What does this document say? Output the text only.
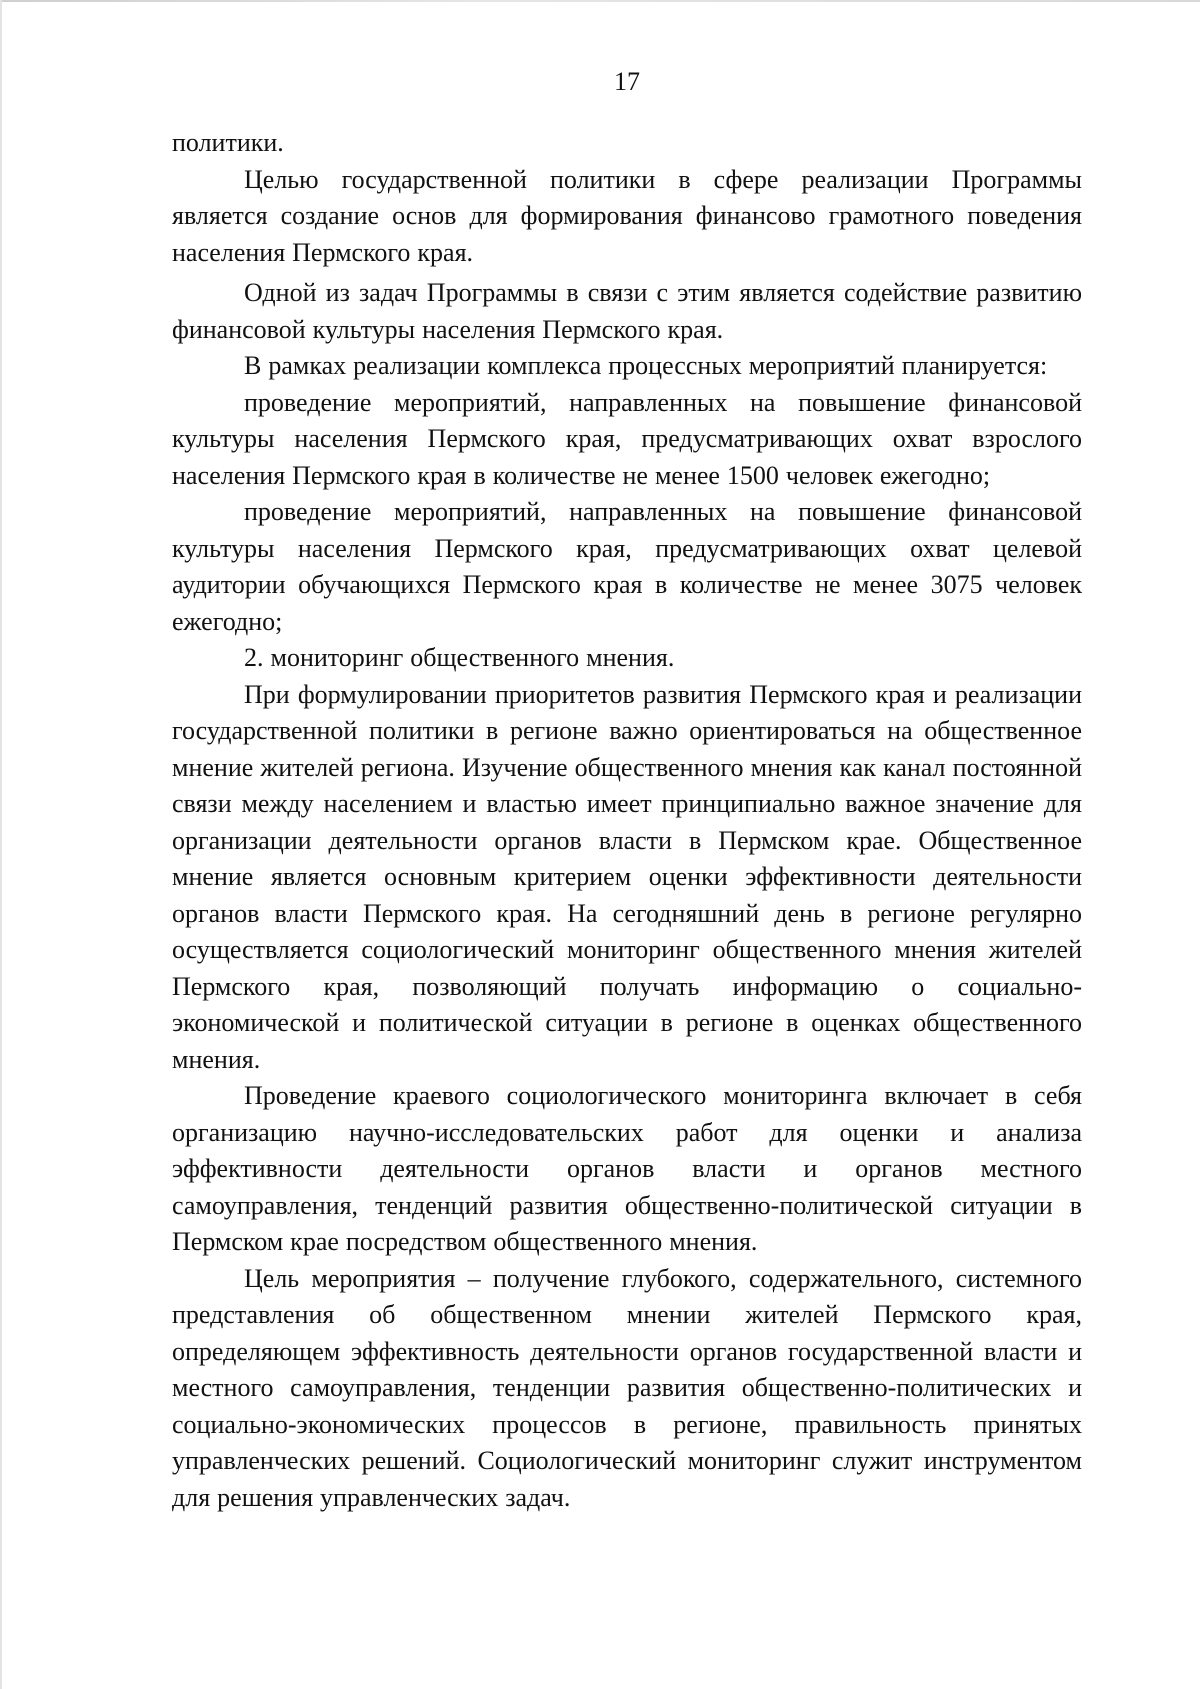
17

политики.

Целью государственной политики в сфере реализации Программы является создание основ для формирования финансово грамотного поведения населения Пермского края.

Одной из задач Программы в связи с этим является содействие развитию финансовой культуры населения Пермского края.

В рамках реализации комплекса процессных мероприятий планируется:

проведение мероприятий, направленных на повышение финансовой культуры населения Пермского края, предусматривающих охват взрослого населения Пермского края в количестве не менее 1500 человек ежегодно;

проведение мероприятий, направленных на повышение финансовой культуры населения Пермского края, предусматривающих охват целевой аудитории обучающихся Пермского края в количестве не менее 3075 человек ежегодно;

2. мониторинг общественного мнения.

При формулировании приоритетов развития Пермского края и реализации государственной политики в регионе важно ориентироваться на общественное мнение жителей региона. Изучение общественного мнения как канал постоянной связи между населением и властью имеет принципиально важное значение для организации деятельности органов власти в Пермском крае. Общественное мнение является основным критерием оценки эффективности деятельности органов власти Пермского края. На сегодняшний день в регионе регулярно осуществляется социологический мониторинг общественного мнения жителей Пермского края, позволяющий получать информацию о социально-экономической и политической ситуации в регионе в оценках общественного мнения.

Проведение краевого социологического мониторинга включает в себя организацию научно-исследовательских работ для оценки и анализа эффективности деятельности органов власти и органов местного самоуправления, тенденций развития общественно-политической ситуации в Пермском крае посредством общественного мнения.

Цель мероприятия – получение глубокого, содержательного, системного представления об общественном мнении жителей Пермского края, определяющем эффективность деятельности органов государственной власти и местного самоуправления, тенденции развития общественно-политических и социально-экономических процессов в регионе, правильность принятых управленческих решений. Социологический мониторинг служит инструментом для решения управленческих задач.
